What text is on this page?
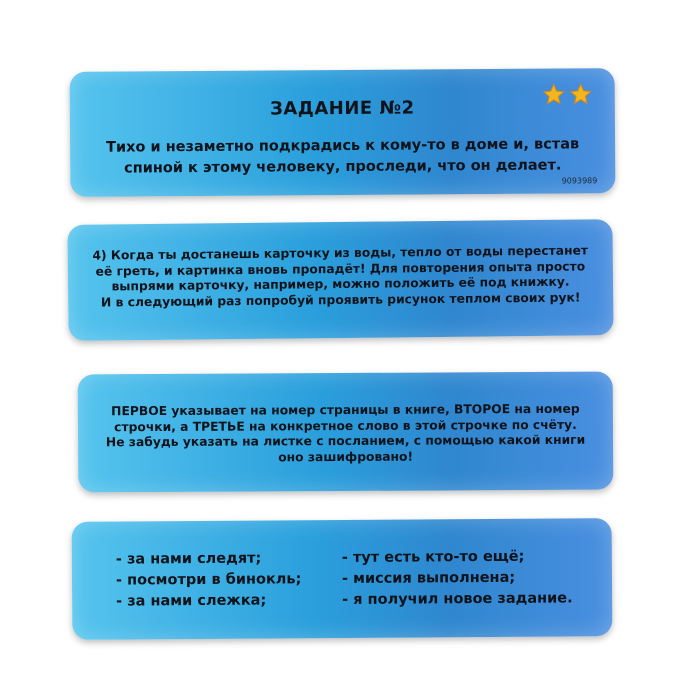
ЗАДАНИЕ №2
Тихо и незаметно подкрадись к кому-то в доме и, встав
спиной к этому человеку, проследи, что он делает.
9093989
4) Когда ты достанешь карточку из воды, тепло от воды перестанет
её греть, и картинка вновь пропадёт! Для повторения опыта просто
выпрями карточку, например, можно положить её под книжку.
И в следующий раз попробуй проявить рисунок теплом своих рук!
ПЕРВОЕ указывает на номер страницы в книге, ВТОРОЕ на номер
строчки, а ТРЕТЬЕ на конкретное слово в этой строчке по счёту.
Не забудь указать на листке с посланием, с помощью какой книги
оно зашифровано!
- за нами следят;
- посмотри в бинокль;
- за нами слежка;
- тут есть кто-то ещё;
- миссия выполнена;
- я получил новое задание.
